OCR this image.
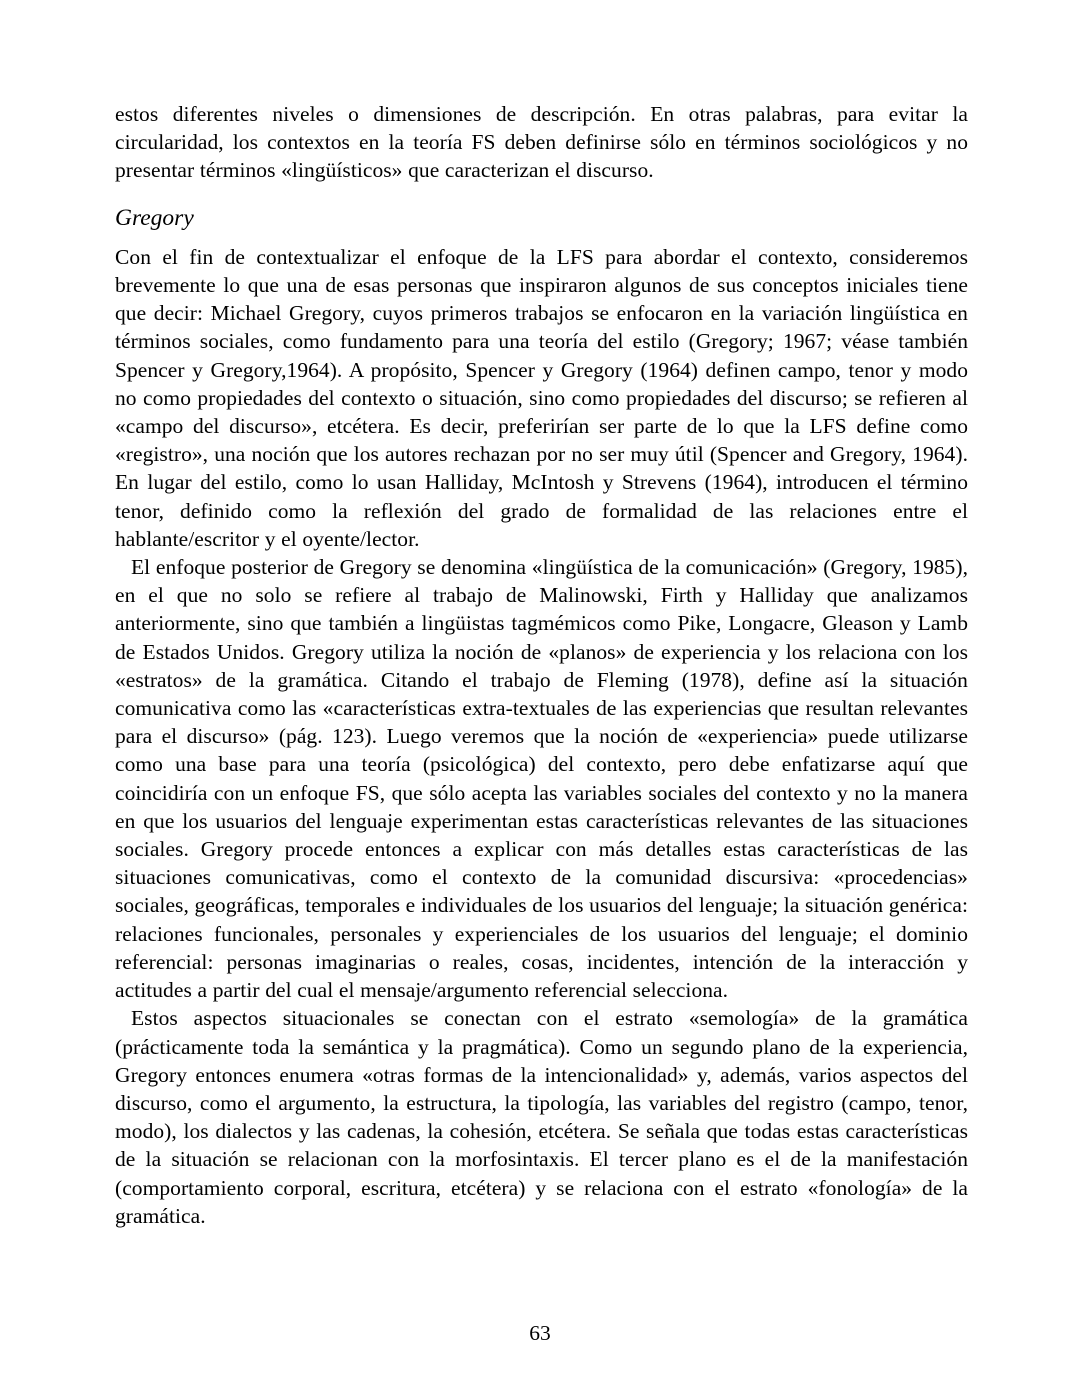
estos diferentes niveles o dimensiones de descripción. En otras palabras, para evitar la circularidad, los contextos en la teoría FS deben definirse sólo en términos sociológicos y no presentar términos «lingüísticos» que caracterizan el discurso.

Gregory

Con el fin de contextualizar el enfoque de la LFS para abordar el contexto, consideremos brevemente lo que una de esas personas que inspiraron algunos de sus conceptos iniciales tiene que decir: Michael Gregory, cuyos primeros trabajos se enfocaron en la variación lingüística en términos sociales, como fundamento para una teoría del estilo (Gregory; 1967; véase también Spencer y Gregory,1964). A propósito, Spencer y Gregory (1964) definen campo, tenor y modo no como propiedades del contexto o situación, sino como propiedades del discurso; se refieren al «campo del discurso», etcétera. Es decir, preferirían ser parte de lo que la LFS define como «registro», una noción que los autores rechazan por no ser muy útil (Spencer and Gregory, 1964). En lugar del estilo, como lo usan Halliday, McIntosh y Strevens (1964), introducen el término tenor, definido como la reflexión del grado de formalidad de las relaciones entre el hablante/escritor y el oyente/lector.

El enfoque posterior de Gregory se denomina «lingüística de la comunicación» (Gregory, 1985), en el que no solo se refiere al trabajo de Malinowski, Firth y Halliday que analizamos anteriormente, sino que también a lingüistas tagmémicos como Pike, Longacre, Gleason y Lamb de Estados Unidos. Gregory utiliza la noción de «planos» de experiencia y los relaciona con los «estratos» de la gramática. Citando el trabajo de Fleming (1978), define así la situación comunicativa como las «características extra-textuales de las experiencias que resultan relevantes para el discurso» (pág. 123). Luego veremos que la noción de «experiencia» puede utilizarse como una base para una teoría (psicológica) del contexto, pero debe enfatizarse aquí que coincidiría con un enfoque FS, que sólo acepta las variables sociales del contexto y no la manera en que los usuarios del lenguaje experimentan estas características relevantes de las situaciones sociales. Gregory procede entonces a explicar con más detalles estas características de las situaciones comunicativas, como el contexto de la comunidad discursiva: «procedencias» sociales, geográficas, temporales e individuales de los usuarios del lenguaje; la situación genérica: relaciones funcionales, personales y experienciales de los usuarios del lenguaje; el dominio referencial: personas imaginarias o reales, cosas, incidentes, intención de la interacción y actitudes a partir del cual el mensaje/argumento referencial selecciona.

Estos aspectos situacionales se conectan con el estrato «semología» de la gramática (prácticamente toda la semántica y la pragmática). Como un segundo plano de la experiencia, Gregory entonces enumera «otras formas de la intencionalidad» y, además, varios aspectos del discurso, como el argumento, la estructura, la tipología, las variables del registro (campo, tenor, modo), los dialectos y las cadenas, la cohesión, etcétera. Se señala que todas estas características de la situación se relacionan con la morfosintaxis. El tercer plano es el de la manifestación (comportamiento corporal, escritura, etcétera) y se relaciona con el estrato «fonología» de la gramática.

63
